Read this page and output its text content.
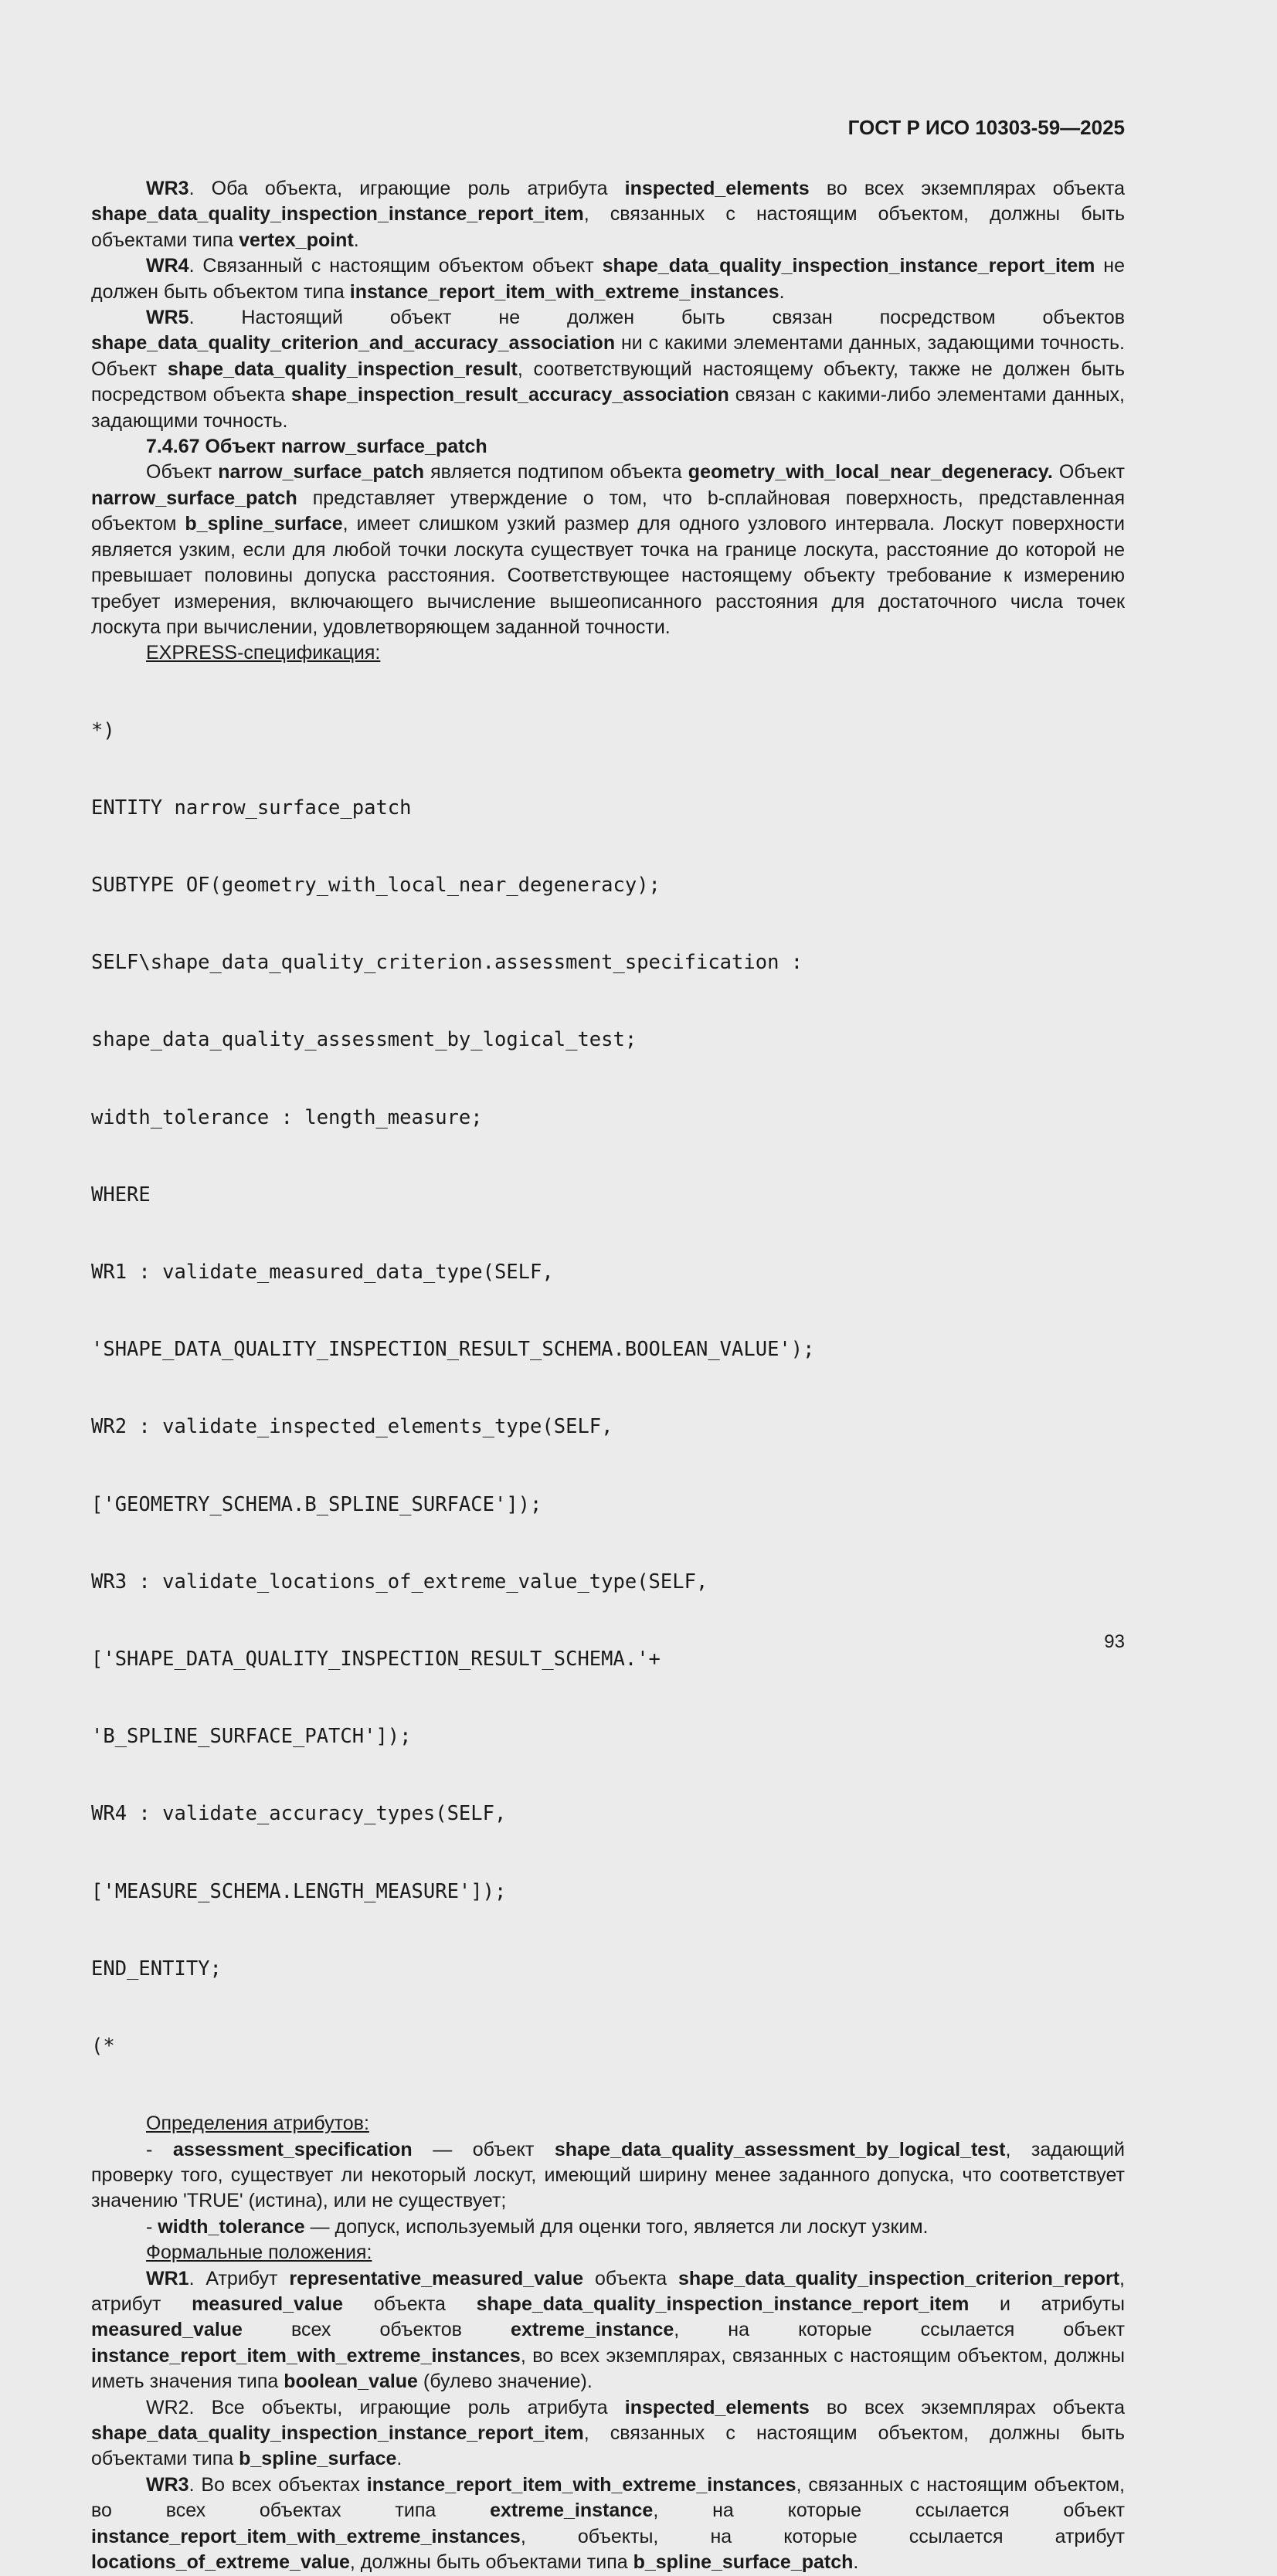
ГОСТ Р ИСО 10303-59—2025

WR3. Оба объекта, играющие роль атрибута inspected_elements во всех экземплярах объекта shape_data_quality_inspection_instance_report_item, связанных с настоящим объектом, должны быть объектами типа vertex_point.

WR4. Связанный с настоящим объектом объект shape_data_quality_inspection_instance_report_item не должен быть объектом типа instance_report_item_with_extreme_instances.

WR5. Настоящий объект не должен быть связан посредством объектов shape_data_quality_criterion_and_accuracy_association ни с какими элементами данных, задающими точность. Объект shape_data_quality_inspection_result, соответствующий настоящему объекту, также не должен быть посредством объекта shape_inspection_result_accuracy_association связан с какими-либо элементами данных, задающими точность.

7.4.67 Объект narrow_surface_patch

Объект narrow_surface_patch является подтипом объекта geometry_with_local_near_degeneracy. Объект narrow_surface_patch представляет утверждение о том, что b-сплайновая поверхность, представленная объектом b_spline_surface, имеет слишком узкий размер для одного узлового интервала. Лоскут поверхности является узким, если для любой точки лоскута существует точка на границе лоскута, расстояние до которой не превышает половины допуска расстояния. Соответствующее настоящему объекту требование к измерению требует измерения, включающего вычисление вышеописанного расстояния для достаточного числа точек лоскута при вычислении, удовлетворяющем заданной точности.

EXPRESS-спецификация:

*)

ENTITY narrow_surface_patch

SUBTYPE OF(geometry_with_local_near_degeneracy);

SELF\shape_data_quality_criterion.assessment_specification :

shape_data_quality_assessment_by_logical_test;

width_tolerance : length_measure;

WHERE

WR1 : validate_measured_data_type(SELF,

'SHAPE_DATA_QUALITY_INSPECTION_RESULT_SCHEMA.BOOLEAN_VALUE');

WR2 : validate_inspected_elements_type(SELF,

['GEOMETRY_SCHEMA.B_SPLINE_SURFACE']);

WR3 : validate_locations_of_extreme_value_type(SELF,

['SHAPE_DATA_QUALITY_INSPECTION_RESULT_SCHEMA.'+

'B_SPLINE_SURFACE_PATCH']);

WR4 : validate_accuracy_types(SELF,

['MEASURE_SCHEMA.LENGTH_MEASURE']);

END_ENTITY;

(*

Определения атрибутов:

- assessment_specification — объект shape_data_quality_assessment_by_logical_test, задающий проверку того, существует ли некоторый лоскут, имеющий ширину менее заданного допуска, что соответствует значению 'TRUE' (истина), или не существует;

- width_tolerance — допуск, используемый для оценки того, является ли лоскут узким.

Формальные положения:

WR1. Атрибут representative_measured_value объекта shape_data_quality_inspection_criterion_report, атрибут measured_value объекта shape_data_quality_inspection_instance_report_item и атрибуты measured_value всех объектов extreme_instance, на которые ссылается объект instance_report_item_with_extreme_instances, во всех экземплярах, связанных с настоящим объектом, должны иметь значения типа boolean_value (булево значение).

WR2. Все объекты, играющие роль атрибута inspected_elements во всех экземплярах объекта shape_data_quality_inspection_instance_report_item, связанных с настоящим объектом, должны быть объектами типа b_spline_surface.

WR3. Во всех объектах instance_report_item_with_extreme_instances, связанных с настоящим объектом, во всех объектах типа extreme_instance, на которые ссылается объект instance_report_item_with_extreme_instances, объекты, на которые ссылается атрибут locations_of_extreme_value, должны быть объектами типа b_spline_surface_patch.

93
